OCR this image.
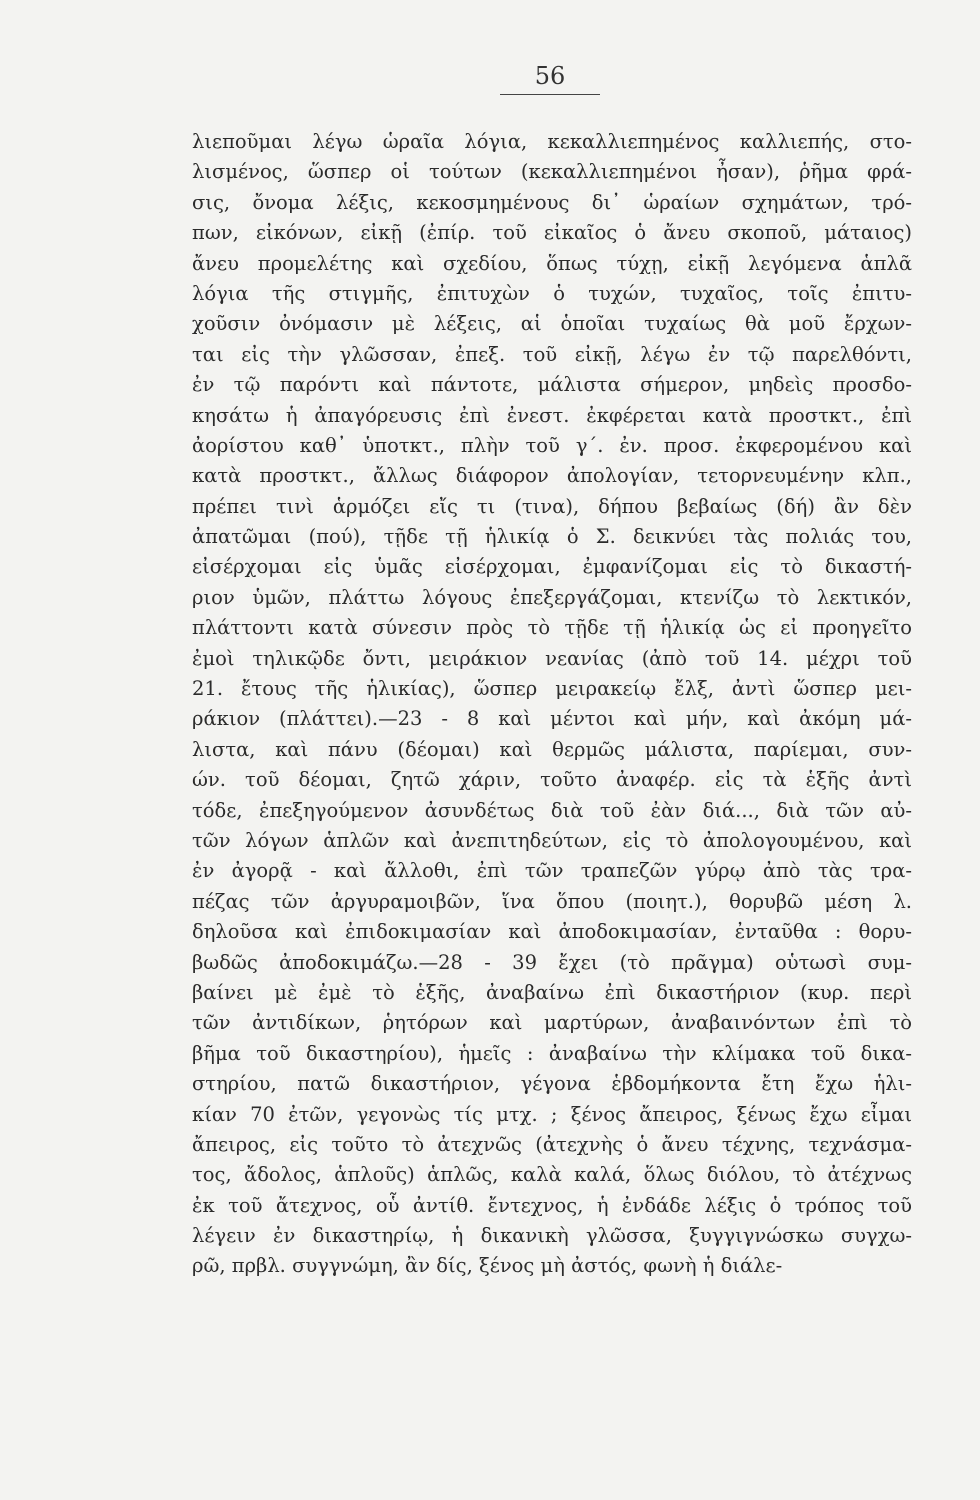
56
λιεποῦμαι λέγω ὡραῖα λόγια, κεκαλλιεπημένος καλλιεπής, στο-
λισμένος, ὥσπερ οἱ τούτων (κεκαλλιεπημένοι ἦσαν), ῥῆμα φρά-
σις, ὄνομα λέξις, κεκοσμημένους δι᾽ ὡραίων σχημάτων, τρό-
πων, εἰκόνων, εἰκῇ (ἐπίρ. τοῦ εἰκαῖος ὁ ἄνευ σκοποῦ, μάταιος)
ἄνευ προμελέτης καὶ σχεδίου, ὅπως τύχῃ, εἰκῇ λεγόμενα ἁπλᾶ
λόγια τῆς στιγμῆς, ἐπιτυχὼν ὁ τυχών, τυχαῖος, τοῖς ἐπιτυ-
χοῦσιν ὀνόμασιν μὲ λέξεις, αἱ ὁποῖαι τυχαίως θὰ μοῦ ἔρχων-
ται εἰς τὴν γλῶσσαν, ἐπεξ. τοῦ εἰκῇ, λέγω ἐν τῷ παρελθόντι,
ἐν τῷ παρόντι καὶ πάντοτε, μάλιστα σήμερον, μηδεὶς προσδο-
κησάτω ἡ ἀπαγόρευσις ἐπὶ ἐνεστ. ἐκφέρεται κατὰ προστκτ., ἐπὶ
ἀορίστου καθ᾽ ὑποτκτ., πλὴν τοῦ γ΄. ἐν. προσ. ἐκφερομένου καὶ
κατὰ προστκτ., ἄλλως διάφορον ἀπολογίαν, τετορνευμένην κλπ.,
πρέπει τινὶ ἁρμόζει εἴς τι (τινα), δήπου βεβαίως (δή) ἂν δὲν
ἀπατῶμαι (πού), τῇδε τῇ ἡλικίᾳ ὁ Σ. δεικνύει τὰς πολιάς του,
εἰσέρχομαι εἰς ὑμᾶς εἰσέρχομαι, ἐμφανίζομαι εἰς τὸ δικαστή-
ριον ὑμῶν, πλάττω λόγους ἐπεξεργάζομαι, κτενίζω τὸ λεκτικόν,
πλάττοντι κατὰ σύνεσιν πρὸς τὸ τῇδε τῇ ἡλικίᾳ ὡς εἰ προηγεῖτο
ἐμοὶ τηλικῷδε ὄντι, μειράκιον νεανίας (ἀπὸ τοῦ 14. μέχρι τοῦ
21. ἔτους τῆς ἡλικίας), ὥσπερ μειρακείῳ ἔλξ, ἀντὶ ὥσπερ μει-
ράκιον (πλάττει).—23 - 8 καὶ μέντοι καὶ μήν, καὶ ἀκόμη μά-
λιστα, καὶ πάνυ (δέομαι) καὶ θερμῶς μάλιστα, παρίεμαι, συν-
ών. τοῦ δέομαι, ζητῶ χάριν, τοῦτο ἀναφέρ. εἰς τὰ ἑξῆς ἀντὶ
τόδε, ἐπεξηγούμενον ἀσυνδέτως διὰ τοῦ ἐὰν διά..., διὰ τῶν αὐ-
τῶν λόγων ἁπλῶν καὶ ἀνεπιτηδεύτων, εἰς τὸ ἀπολογουμένου, καὶ
ἐν ἀγορᾷ - καὶ ἄλλοθι, ἐπὶ τῶν τραπεζῶν γύρῳ ἀπὸ τὰς τρα-
πέζας τῶν ἀργυραμοιβῶν, ἵνα ὅπου (ποιητ.), θορυβῶ μέση λ.
δηλοῦσα καὶ ἐπιδοκιμασίαν καὶ ἀποδοκιμασίαν, ἐνταῦθα : θορυ-
βωδῶς ἀποδοκιμάζω.—28 - 39 ἔχει (τὸ πρᾶγμα) οὑτωσὶ συμ-
βαίνει μὲ ἐμὲ τὸ ἑξῆς, ἀναβαίνω ἐπὶ δικαστήριον (κυρ. περὶ
τῶν ἀντιδίκων, ῥητόρων καὶ μαρτύρων, ἀναβαινόντων ἐπὶ τὸ
βῆμα τοῦ δικαστηρίου), ἡμεῖς : ἀναβαίνω τὴν κλίμακα τοῦ δικα-
στηρίου, πατῶ δικαστήριον, γέγονα ἑβδομήκοντα ἔτη ἔχω ἡλι-
κίαν 70 ἐτῶν, γεγονὼς τίς μτχ. ; ξένος ἄπειρος, ξένως ἔχω εἶμαι
ἄπειρος, εἰς τοῦτο τὸ ἀτεχνῶς (ἀτεχνὴς ὁ ἄνευ τέχνης, τεχνάσμα-
τος, ἄδολος, ἁπλοῦς) ἁπλῶς, καλὰ καλά, ὅλως διόλου, τὸ ἀτέχνως
ἐκ τοῦ ἄτεχνος, οὗ ἀντίθ. ἔντεχνος, ἡ ἐνδάδε λέξις ὁ τρόπος τοῦ
λέγειν ἐν δικαστηρίῳ, ἡ δικανικὴ γλῶσσα, ξυγγιγνώσκω συγχω-
ρῶ, πρβλ. συγγνώμη, ἂν δίς, ξένος μὴ ἀστός, φωνὴ ἡ διάλε-
